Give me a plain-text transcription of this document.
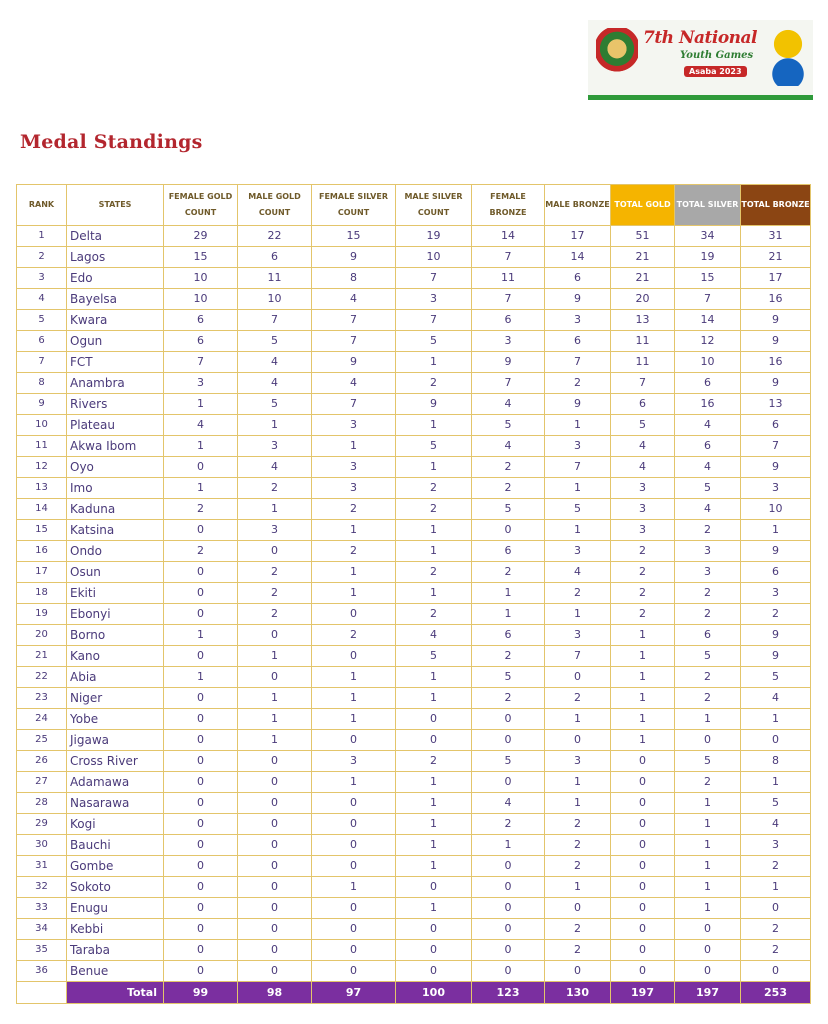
7th National
Youth Games
Asaba 2023
Medal Standings
RANK	STATES	FEMALE GOLD COUNT	MALE GOLD COUNT	FEMALE SILVER COUNT	MALE SILVER COUNT	FEMALE BRONZE	MALE BRONZE	TOTAL GOLD	TOTAL SILVER	TOTAL BRONZE
1	Delta	29	22	15	19	14	17	51	34	31
2	Lagos	15	6	9	10	7	14	21	19	21
3	Edo	10	11	8	7	11	6	21	15	17
4	Bayelsa	10	10	4	3	7	9	20	7	16
5	Kwara	6	7	7	7	6	3	13	14	9
6	Ogun	6	5	7	5	3	6	11	12	9
7	FCT	7	4	9	1	9	7	11	10	16
8	Anambra	3	4	4	2	7	2	7	6	9
9	Rivers	1	5	7	9	4	9	6	16	13
10	Plateau	4	1	3	1	5	1	5	4	6
11	Akwa Ibom	1	3	1	5	4	3	4	6	7
12	Oyo	0	4	3	1	2	7	4	4	9
13	Imo	1	2	3	2	2	1	3	5	3
14	Kaduna	2	1	2	2	5	5	3	4	10
15	Katsina	0	3	1	1	0	1	3	2	1
16	Ondo	2	0	2	1	6	3	2	3	9
17	Osun	0	2	1	2	2	4	2	3	6
18	Ekiti	0	2	1	1	1	2	2	2	3
19	Ebonyi	0	2	0	2	1	1	2	2	2
20	Borno	1	0	2	4	6	3	1	6	9
21	Kano	0	1	0	5	2	7	1	5	9
22	Abia	1	0	1	1	5	0	1	2	5
23	Niger	0	1	1	1	2	2	1	2	4
24	Yobe	0	1	1	0	0	1	1	1	1
25	Jigawa	0	1	0	0	0	0	1	0	0
26	Cross River	0	0	3	2	5	3	0	5	8
27	Adamawa	0	0	1	1	0	1	0	2	1
28	Nasarawa	0	0	0	1	4	1	0	1	5
29	Kogi	0	0	0	1	2	2	0	1	4
30	Bauchi	0	0	0	1	1	2	0	1	3
31	Gombe	0	0	0	1	0	2	0	1	2
32	Sokoto	0	0	1	0	0	1	0	1	1
33	Enugu	0	0	0	1	0	0	0	1	0
34	Kebbi	0	0	0	0	0	2	0	0	2
35	Taraba	0	0	0	0	0	2	0	0	2
36	Benue	0	0	0	0	0	0	0	0	0
	Total	99	98	97	100	123	130	197	197	253
